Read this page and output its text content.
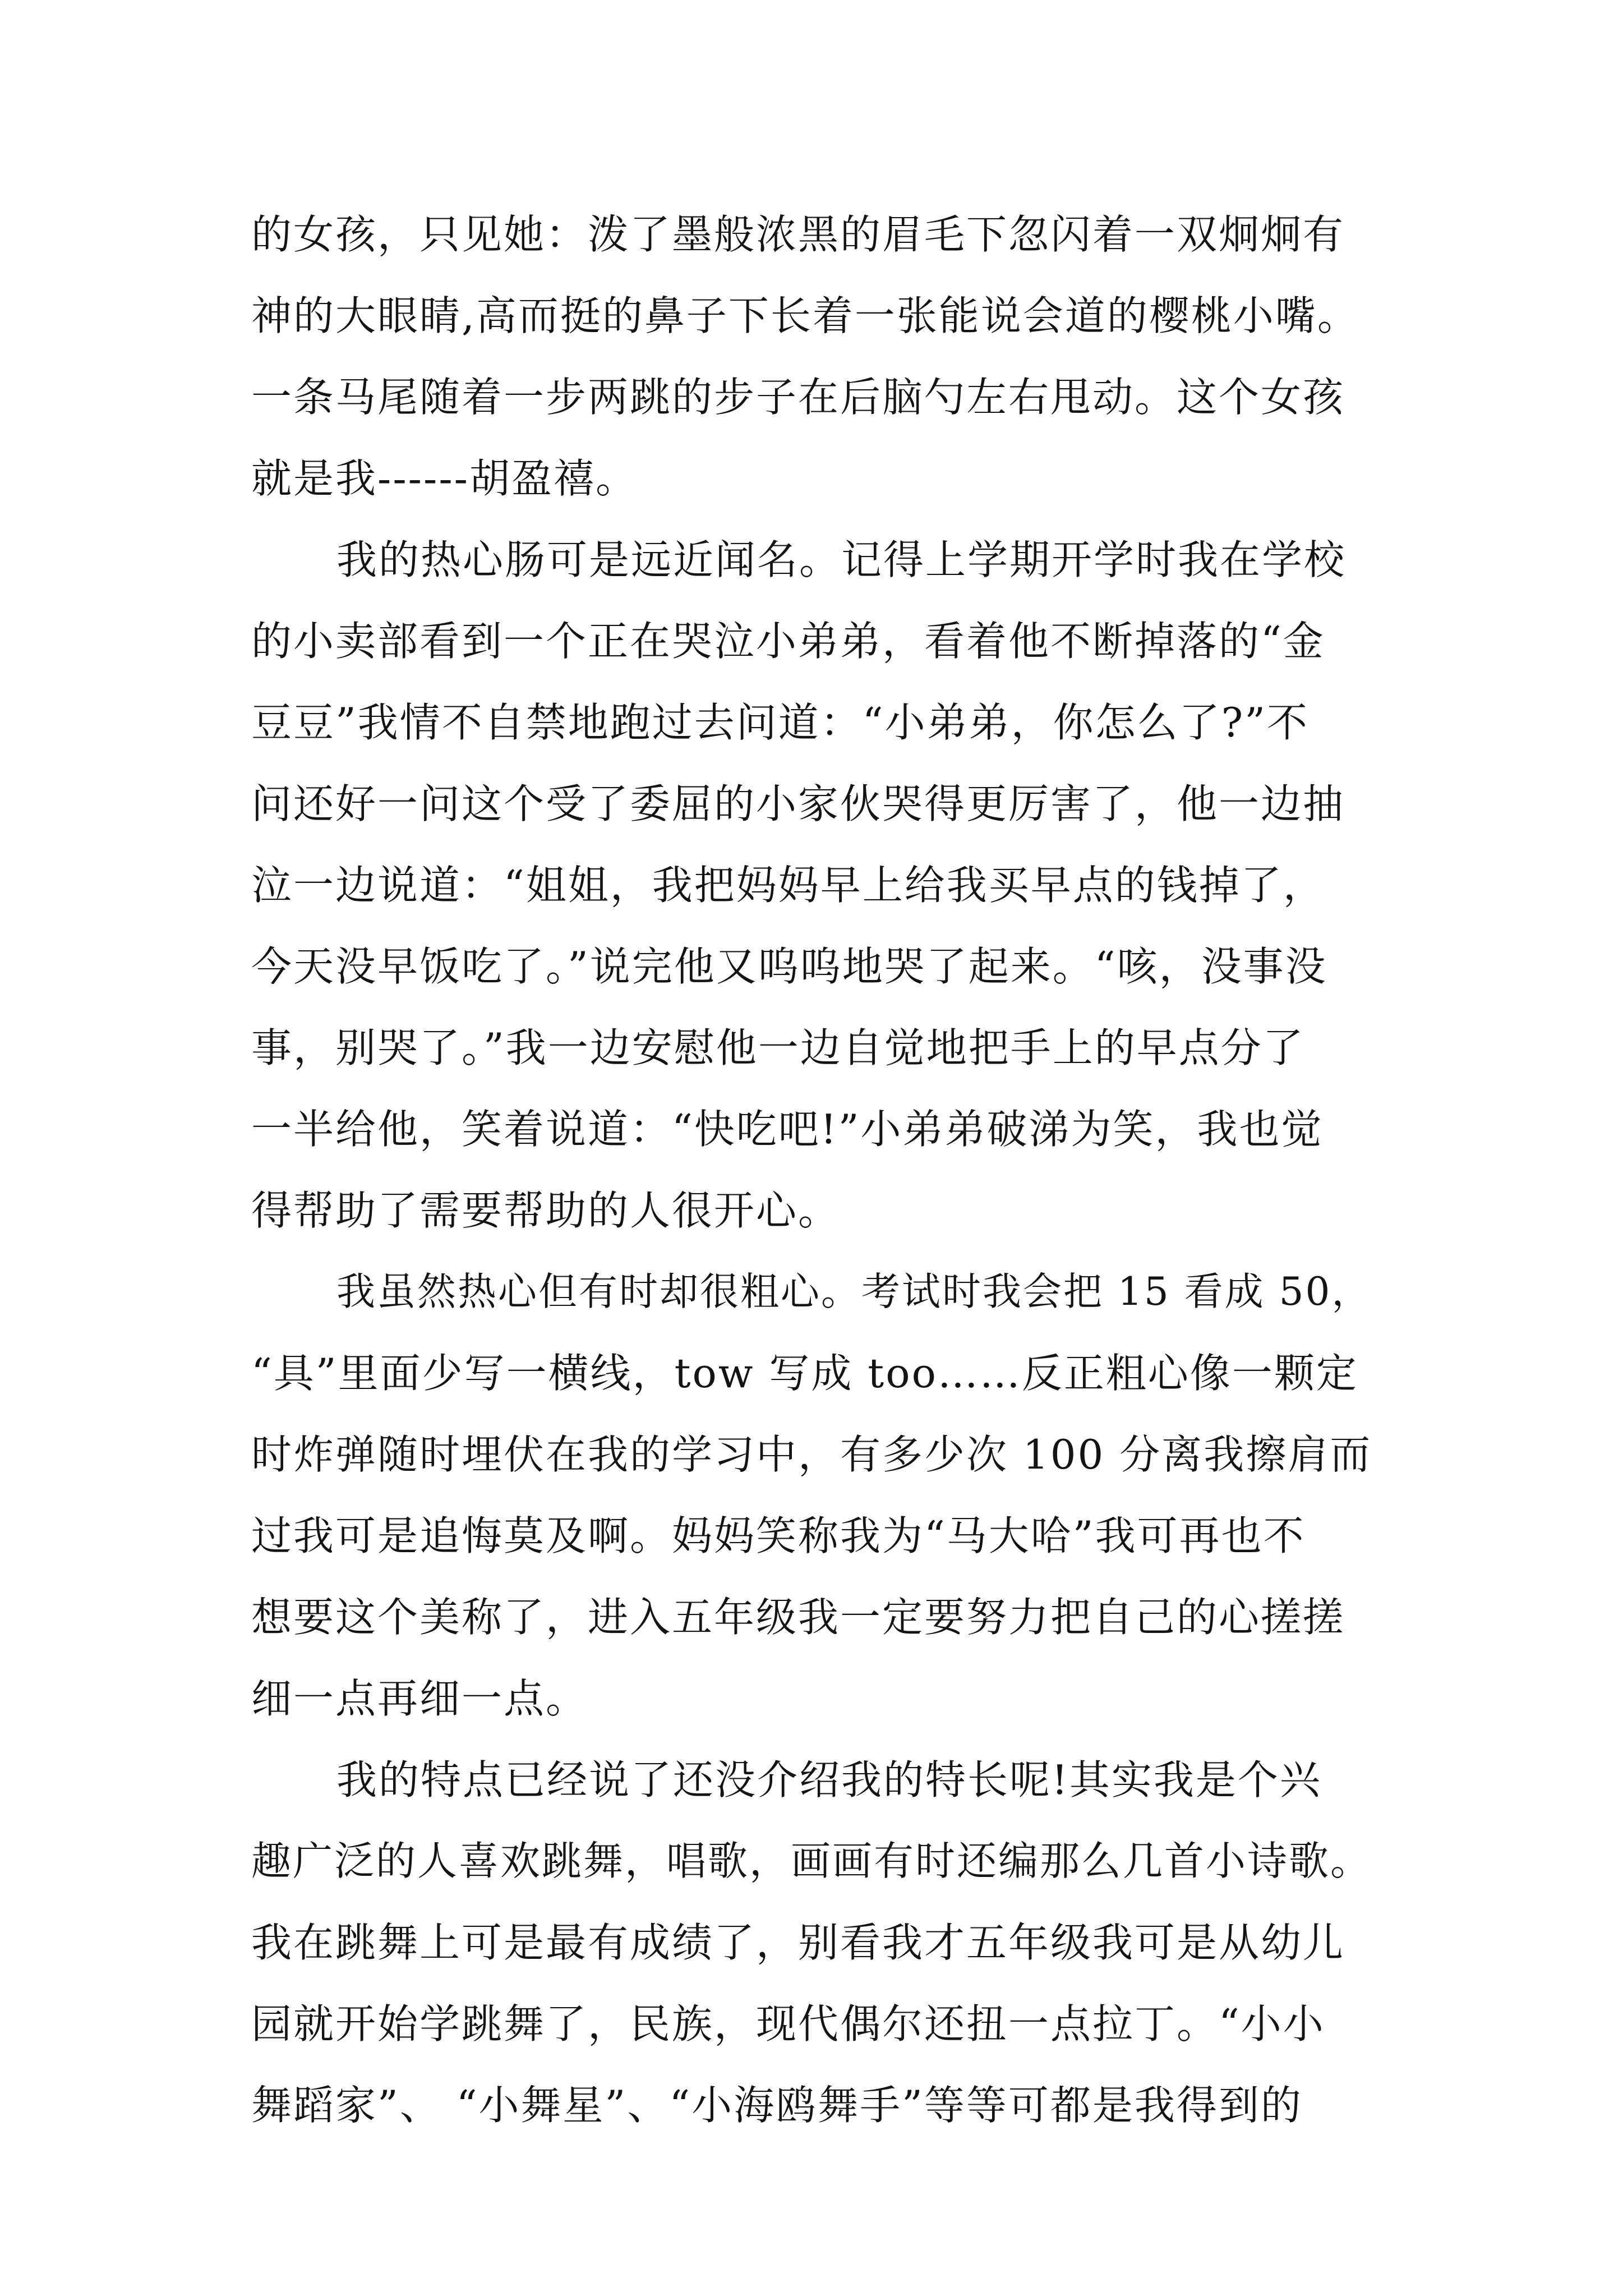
的女孩，只见她：泼了墨般浓黑的眉毛下忽闪着一双炯炯有
神的大眼睛,高而挺的鼻子下长着一张能说会道的樱桃小嘴。
一条马尾随着一步两跳的步子在后脑勺左右甩动。这个女孩
就是我------胡盈禧。
我的热心肠可是远近闻名。记得上学期开学时我在学校
的小卖部看到一个正在哭泣小弟弟，看着他不断掉落的“金
豆豆”我情不自禁地跑过去问道：“小弟弟，你怎么了?”不
问还好一问这个受了委屈的小家伙哭得更厉害了，他一边抽
泣一边说道：“姐姐，我把妈妈早上给我买早点的钱掉了，
今天没早饭吃了。”说完他又呜呜地哭了起来。“咳，没事没
事，别哭了。”我一边安慰他一边自觉地把手上的早点分了
一半给他，笑着说道：“快吃吧!”小弟弟破涕为笑，我也觉
得帮助了需要帮助的人很开心。
我虽然热心但有时却很粗心。考试时我会把 15 看成 50，
“具”里面少写一横线，tow 写成 too……反正粗心像一颗定
时炸弹随时埋伏在我的学习中，有多少次 100 分离我擦肩而
过我可是追悔莫及啊。妈妈笑称我为“马大哈”我可再也不
想要这个美称了，进入五年级我一定要努力把自己的心搓搓
细一点再细一点。
我的特点已经说了还没介绍我的特长呢!其实我是个兴
趣广泛的人喜欢跳舞，唱歌，画画有时还编那么几首小诗歌。
我在跳舞上可是最有成绩了，别看我才五年级我可是从幼儿
园就开始学跳舞了，民族，现代偶尔还扭一点拉丁。“小小
舞蹈家”、 “小舞星”、“小海鸥舞手”等等可都是我得到的
